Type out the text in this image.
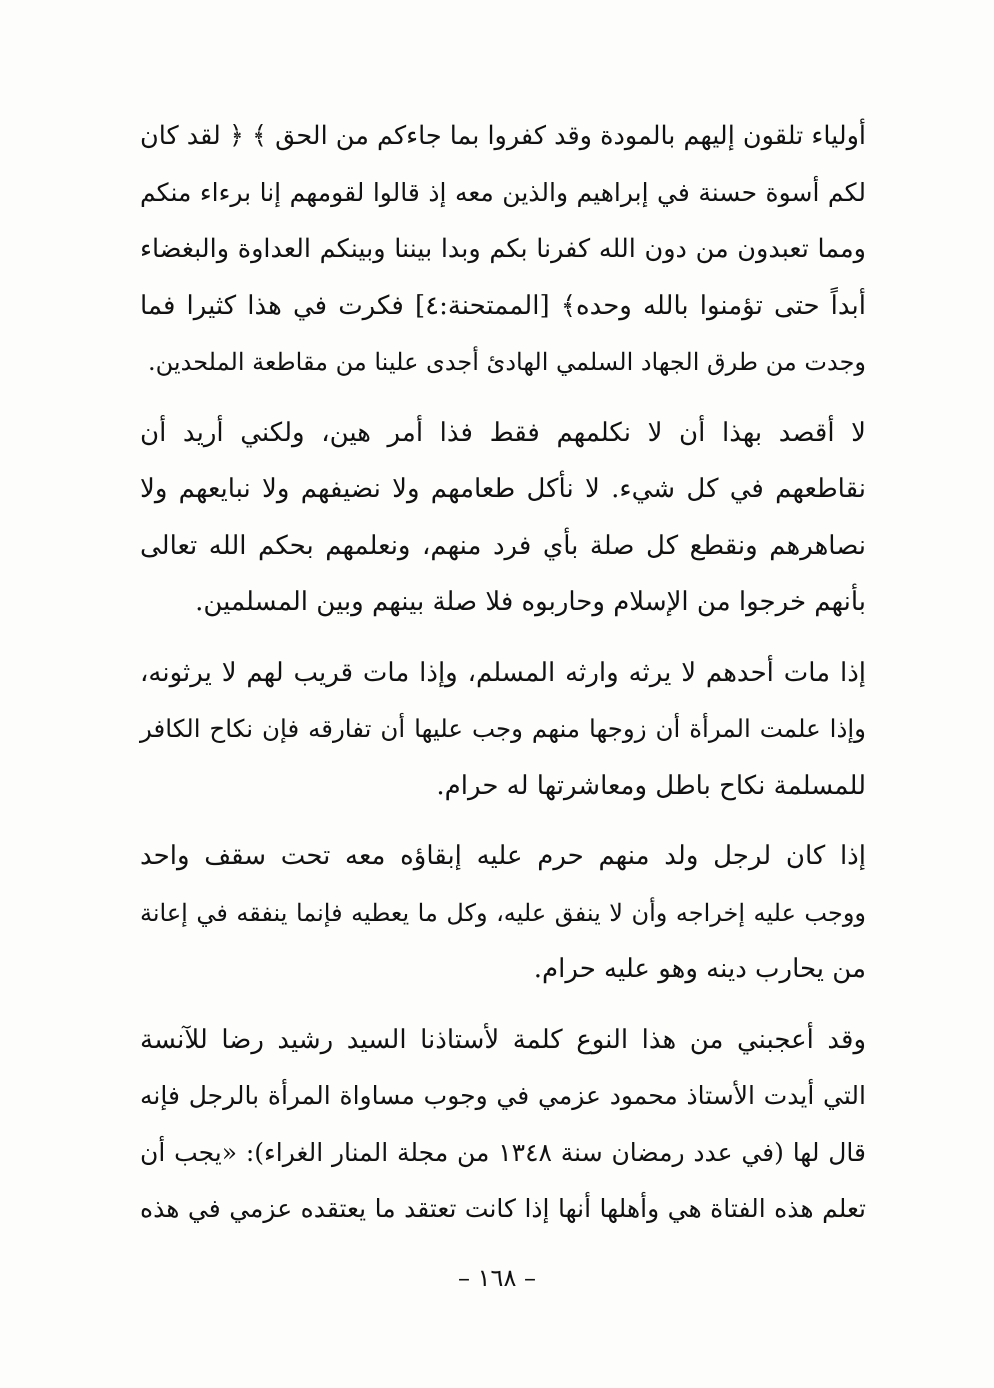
أولياء تلقون إليهم بالمودة وقد كفروا بما جاءكم من الحق ﴾ ﴿ لقد كان
لكم أسوة حسنة في إبراهيم والذين معه إذ قالوا لقومهم إنا برءاء منكم
ومما تعبدون من دون الله كفرنا بكم وبدا بيننا وبينكم العداوة والبغضاء
أبداً حتى تؤمنوا بالله وحده﴾ [الممتحنة:٤] فكرت في هذا كثيرا فما
وجدت من طرق الجهاد السلمي الهادئ أجدى علينا من مقاطعة الملحدين.
لا أقصد بهذا أن لا نكلمهم فقط فذا أمر هين، ولكني أريد أن
نقاطعهم في كل شيء. لا نأكل طعامهم ولا نضيفهم ولا نبايعهم ولا
نصاهرهم ونقطع كل صلة بأي فرد منهم، ونعلمهم بحكم الله تعالى
بأنهم خرجوا من الإسلام وحاربوه فلا صلة بينهم وبين المسلمين.
إذا مات أحدهم لا يرثه وارثه المسلم، وإذا مات قريب لهم لا يرثونه،
وإذا علمت المرأة أن زوجها منهم وجب عليها أن تفارقه فإن نكاح الكافر
للمسلمة نكاح باطل ومعاشرتها له حرام.
إذا كان لرجل ولد منهم حرم عليه إبقاؤه معه تحت سقف واحد
ووجب عليه إخراجه وأن لا ينفق عليه، وكل ما يعطيه فإنما ينفقه في إعانة
من يحارب دينه وهو عليه حرام.
وقد أعجبني من هذا النوع كلمة لأستاذنا السيد رشيد رضا للآنسة
التي أيدت الأستاذ محمود عزمي في وجوب مساواة المرأة بالرجل فإنه
قال لها (في عدد رمضان سنة ١٣٤٨ من مجلة المنار الغراء): «يجب أن
تعلم هذه الفتاة هي وأهلها أنها إذا كانت تعتقد ما يعتقده عزمي في هذه
– ١٦٨ –
